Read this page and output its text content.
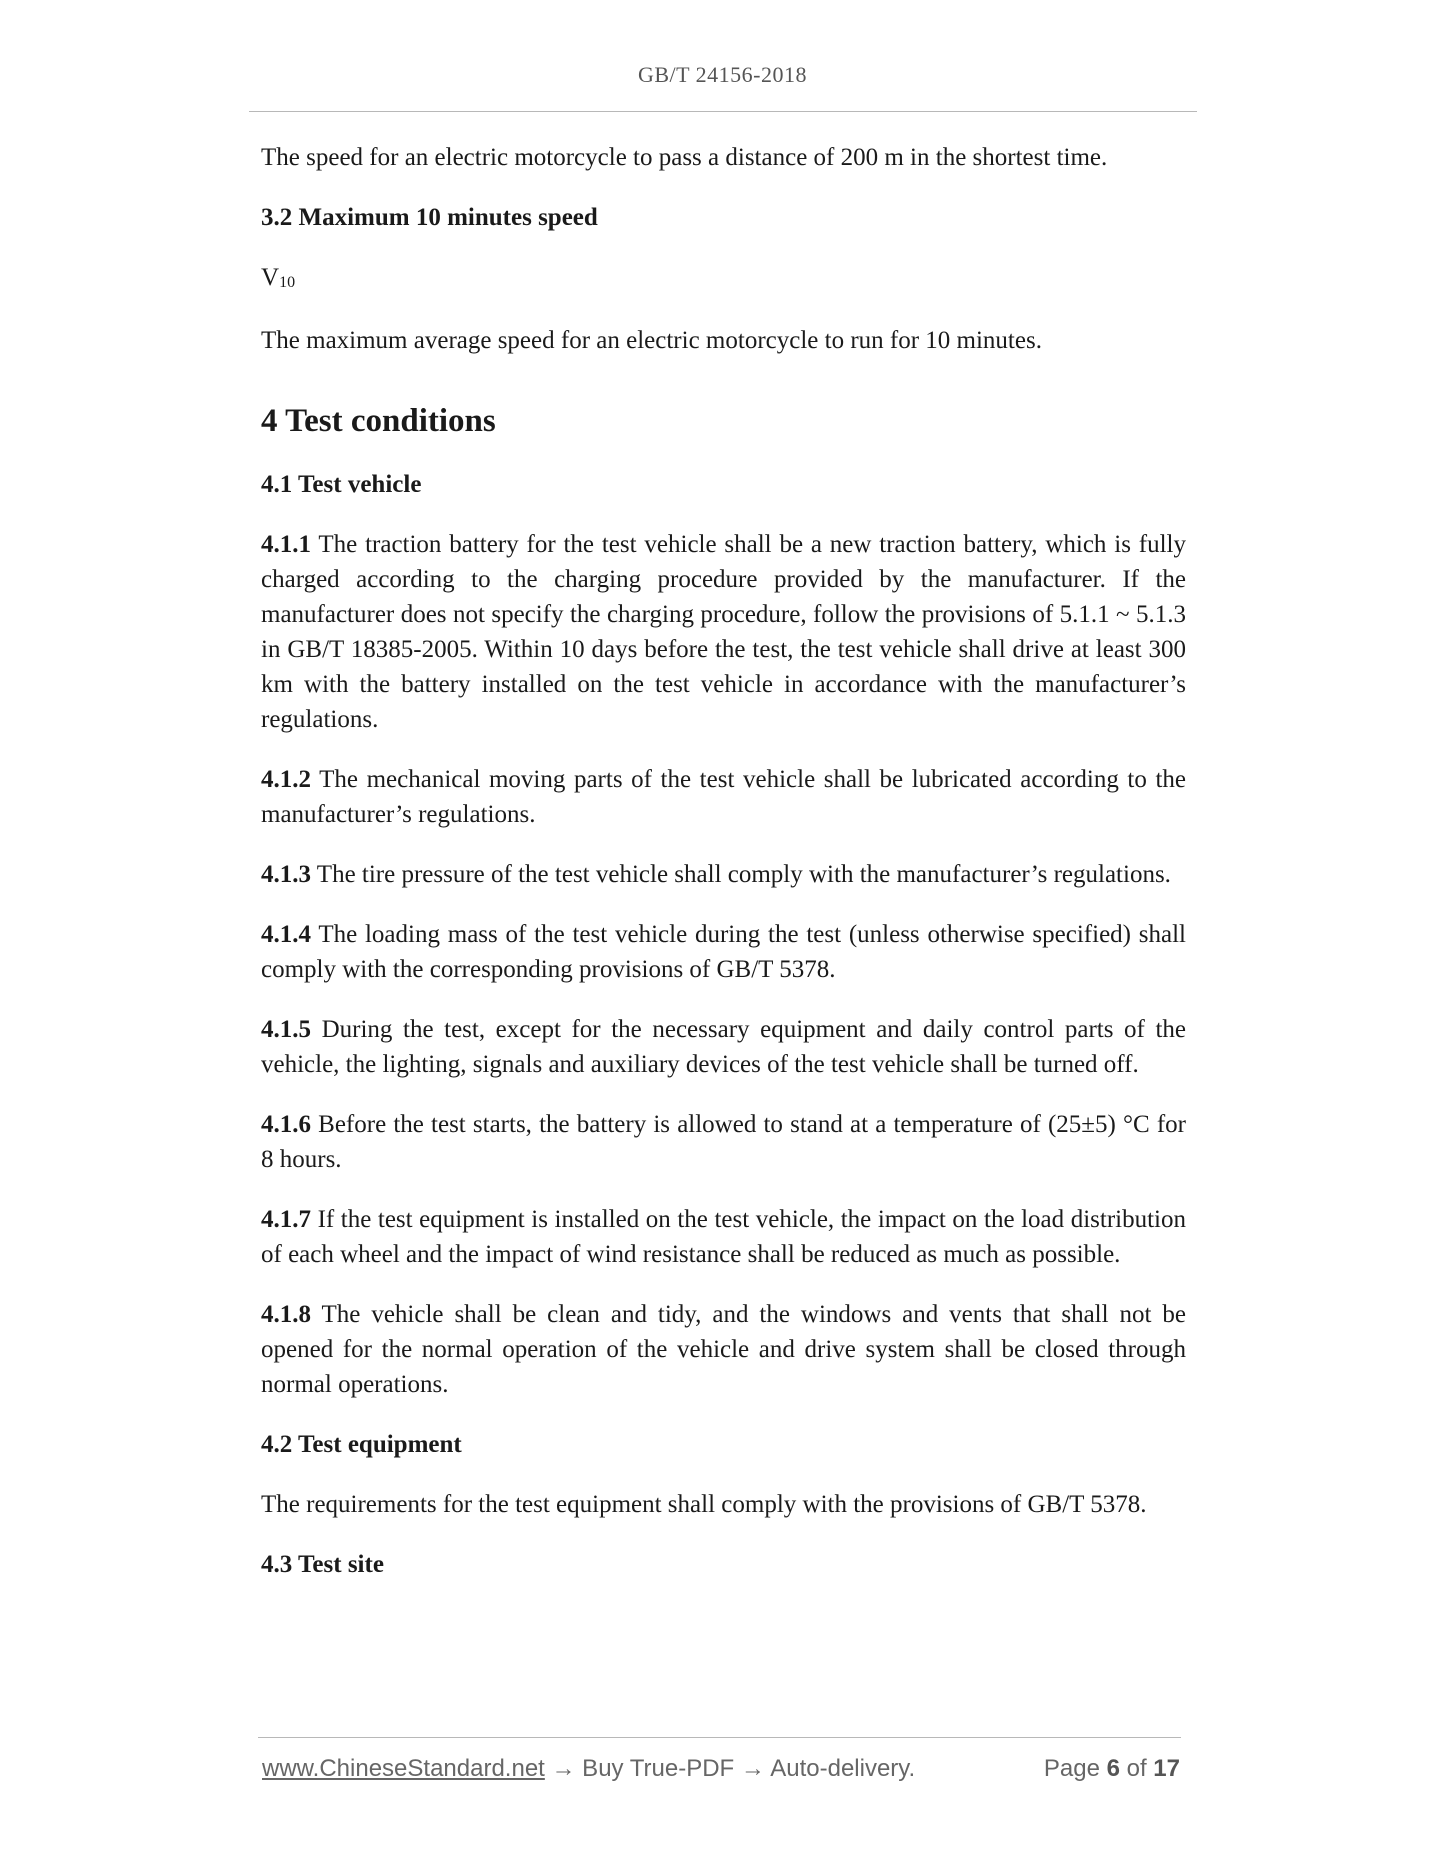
GB/T 24156-2018

The speed for an electric motorcycle to pass a distance of 200 m in the shortest time.

3.2 Maximum 10 minutes speed

V10

The maximum average speed for an electric motorcycle to run for 10 minutes.

4 Test conditions

4.1 Test vehicle

4.1.1 The traction battery for the test vehicle shall be a new traction battery, which is fully charged according to the charging procedure provided by the manufacturer. If the manufacturer does not specify the charging procedure, follow the provisions of 5.1.1 ~ 5.1.3 in GB/T 18385-2005. Within 10 days before the test, the test vehicle shall drive at least 300 km with the battery installed on the test vehicle in accordance with the manufacturer’s regulations.

4.1.2 The mechanical moving parts of the test vehicle shall be lubricated according to the manufacturer’s regulations.

4.1.3 The tire pressure of the test vehicle shall comply with the manufacturer’s regulations.

4.1.4 The loading mass of the test vehicle during the test (unless otherwise specified) shall comply with the corresponding provisions of GB/T 5378.

4.1.5 During the test, except for the necessary equipment and daily control parts of the vehicle, the lighting, signals and auxiliary devices of the test vehicle shall be turned off.

4.1.6 Before the test starts, the battery is allowed to stand at a temperature of (25±5) °C for 8 hours.

4.1.7 If the test equipment is installed on the test vehicle, the impact on the load distribution of each wheel and the impact of wind resistance shall be reduced as much as possible.

4.1.8 The vehicle shall be clean and tidy, and the windows and vents that shall not be opened for the normal operation of the vehicle and drive system shall be closed through normal operations.

4.2 Test equipment

The requirements for the test equipment shall comply with the provisions of GB/T 5378.

4.3 Test site

www.ChineseStandard.net → Buy True-PDF → Auto-delivery.	Page 6 of 17
